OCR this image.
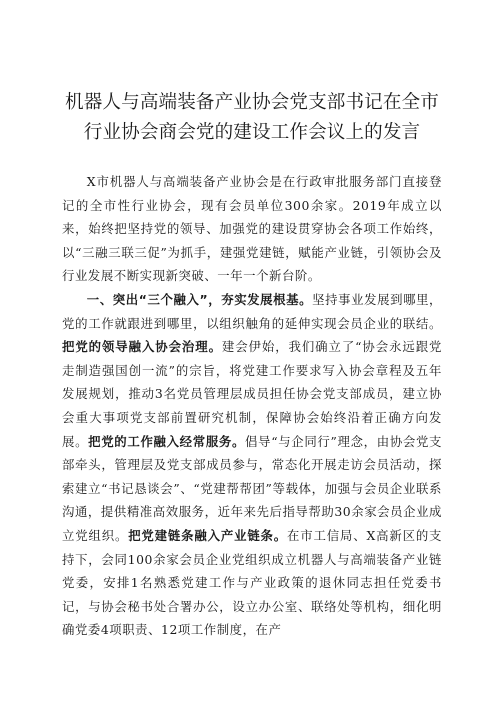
机器人与高端装备产业协会党支部书记在全市
行业协会商会党的建设工作会议上的发言

X市机器人与高端装备产业协会是在行政审批服务部门直接登记的全市性行业协会，现有会员单位300余家。2019年成立以来，始终把坚持党的领导、加强党的建设贯穿协会各项工作始终，以“三融三联三促”为抓手，建强党建链，赋能产业链，引领协会及行业发展不断实现新突破、一年一个新台阶。

一、突出“三个融入”，夯实发展根基。坚持事业发展到哪里，党的工作就跟进到哪里，以组织触角的延伸实现会员企业的联结。把党的领导融入协会治理。建会伊始，我们确立了“协会永远跟党走制造强国创一流”的宗旨，将党建工作要求写入协会章程及五年发展规划，推动3名党员管理层成员担任协会党支部成员，建立协会重大事项党支部前置研究机制，保障协会始终沿着正确方向发展。把党的工作融入经常服务。倡导“与企同行”理念，由协会党支部牵头，管理层及党支部成员参与，常态化开展走访会员活动，探索建立“书记恳谈会”、“党建帮帮团”等载体，加强与会员企业联系沟通，提供精准高效服务，近年来先后指导帮助30余家会员企业成立党组织。把党建链条融入产业链条。在市工信局、X高新区的支持下，会同100余家会员企业党组织成立机器人与高端装备产业链党委，安排1名熟悉党建工作与产业政策的退休同志担任党委书记，与协会秘书处合署办公，设立办公室、联络处等机构，细化明确党委4项职责、12项工作制度，在产
